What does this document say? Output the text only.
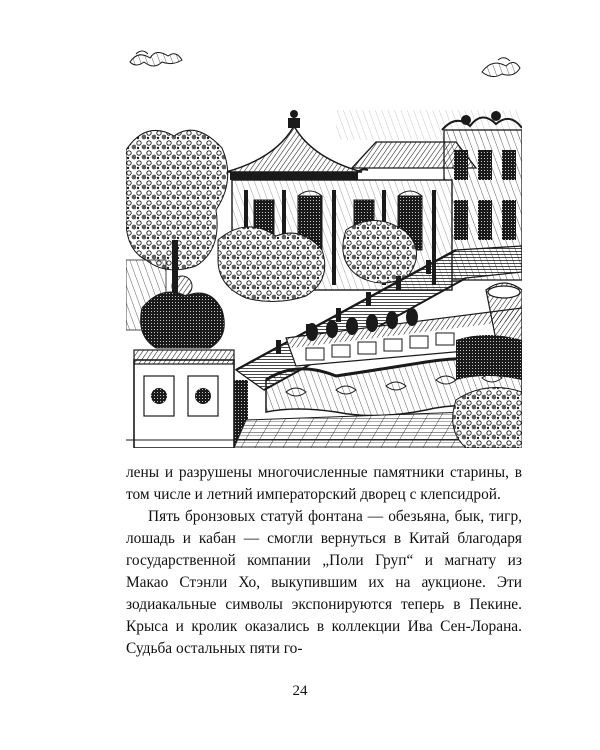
лены и разрушены многочисленные памятники старины, в том числе и летний императорский дворец с клепсидрой.

Пять бронзовых статуй фонтана — обезьяна, бык, тигр, лошадь и кабан — смогли вернуться в Китай благодаря государственной компании „Поли Груп“ и магнату из Макао Стэнли Хо, выкупившим их на аукционе. Эти зодиакальные символы экспонируются теперь в Пекине. Крыса и кролик оказались в коллекции Ива Сен-Лорана. Судьба остальных пяти го-

24
